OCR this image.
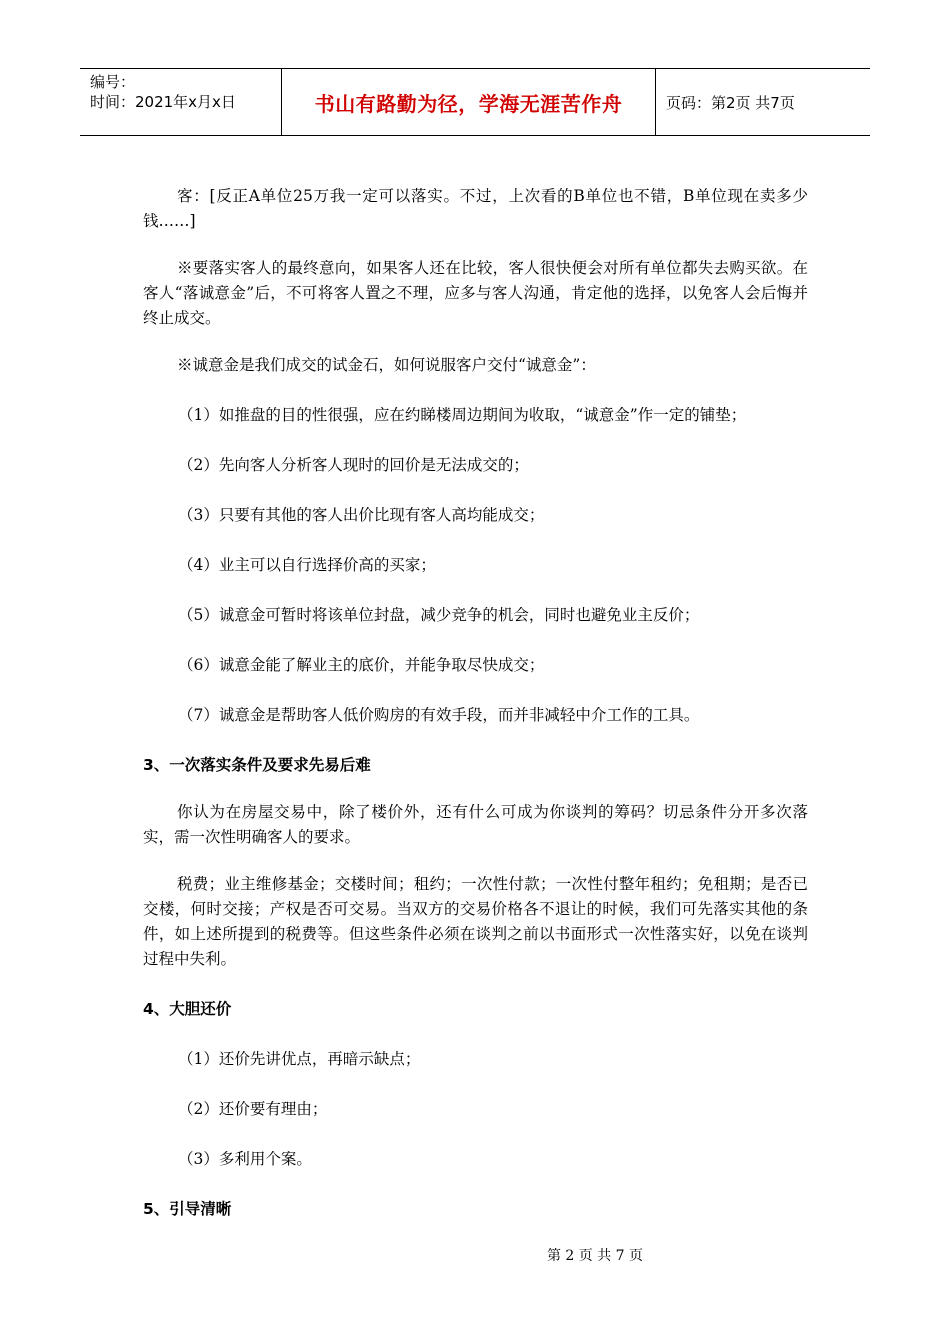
编号：
时间：2021年x月x日	书山有路勤为径，学海无涯苦作舟	页码：第2页 共7页

客：[反正A单位25万我一定可以落实。不过，上次看的B单位也不错，B单位现在卖多少钱……]

※要落实客人的最终意向，如果客人还在比较，客人很快便会对所有单位都失去购买欲。在客人“落诚意金”后，不可将客人置之不理，应多与客人沟通，肯定他的选择，以免客人会后悔并终止成交。

※诚意金是我们成交的试金石，如何说服客户交付“诚意金”：

（1）如推盘的目的性很强，应在约睇楼周边期间为收取，“诚意金”作一定的铺垫；

（2）先向客人分析客人现时的回价是无法成交的；

（3）只要有其他的客人出价比现有客人高均能成交；

（4）业主可以自行选择价高的买家；

（5）诚意金可暂时将该单位封盘，减少竞争的机会，同时也避免业主反价；

（6）诚意金能了解业主的底价，并能争取尽快成交；

（7）诚意金是帮助客人低价购房的有效手段，而并非减轻中介工作的工具。

3、一次落实条件及要求先易后难

你认为在房屋交易中，除了楼价外，还有什么可成为你谈判的筹码？切忌条件分开多次落实，需一次性明确客人的要求。

税费；业主维修基金；交楼时间；租约；一次性付款；一次性付整年租约；免租期；是否已交楼，何时交接；产权是否可交易。当双方的交易价格各不退让的时候，我们可先落实其他的条件，如上述所提到的税费等。但这些条件必须在谈判之前以书面形式一次性落实好，以免在谈判过程中失利。

4、大胆还价

（1）还价先讲优点，再暗示缺点；

（2）还价要有理由；

（3）多利用个案。

5、引导清晰

第 2 页 共 7 页
